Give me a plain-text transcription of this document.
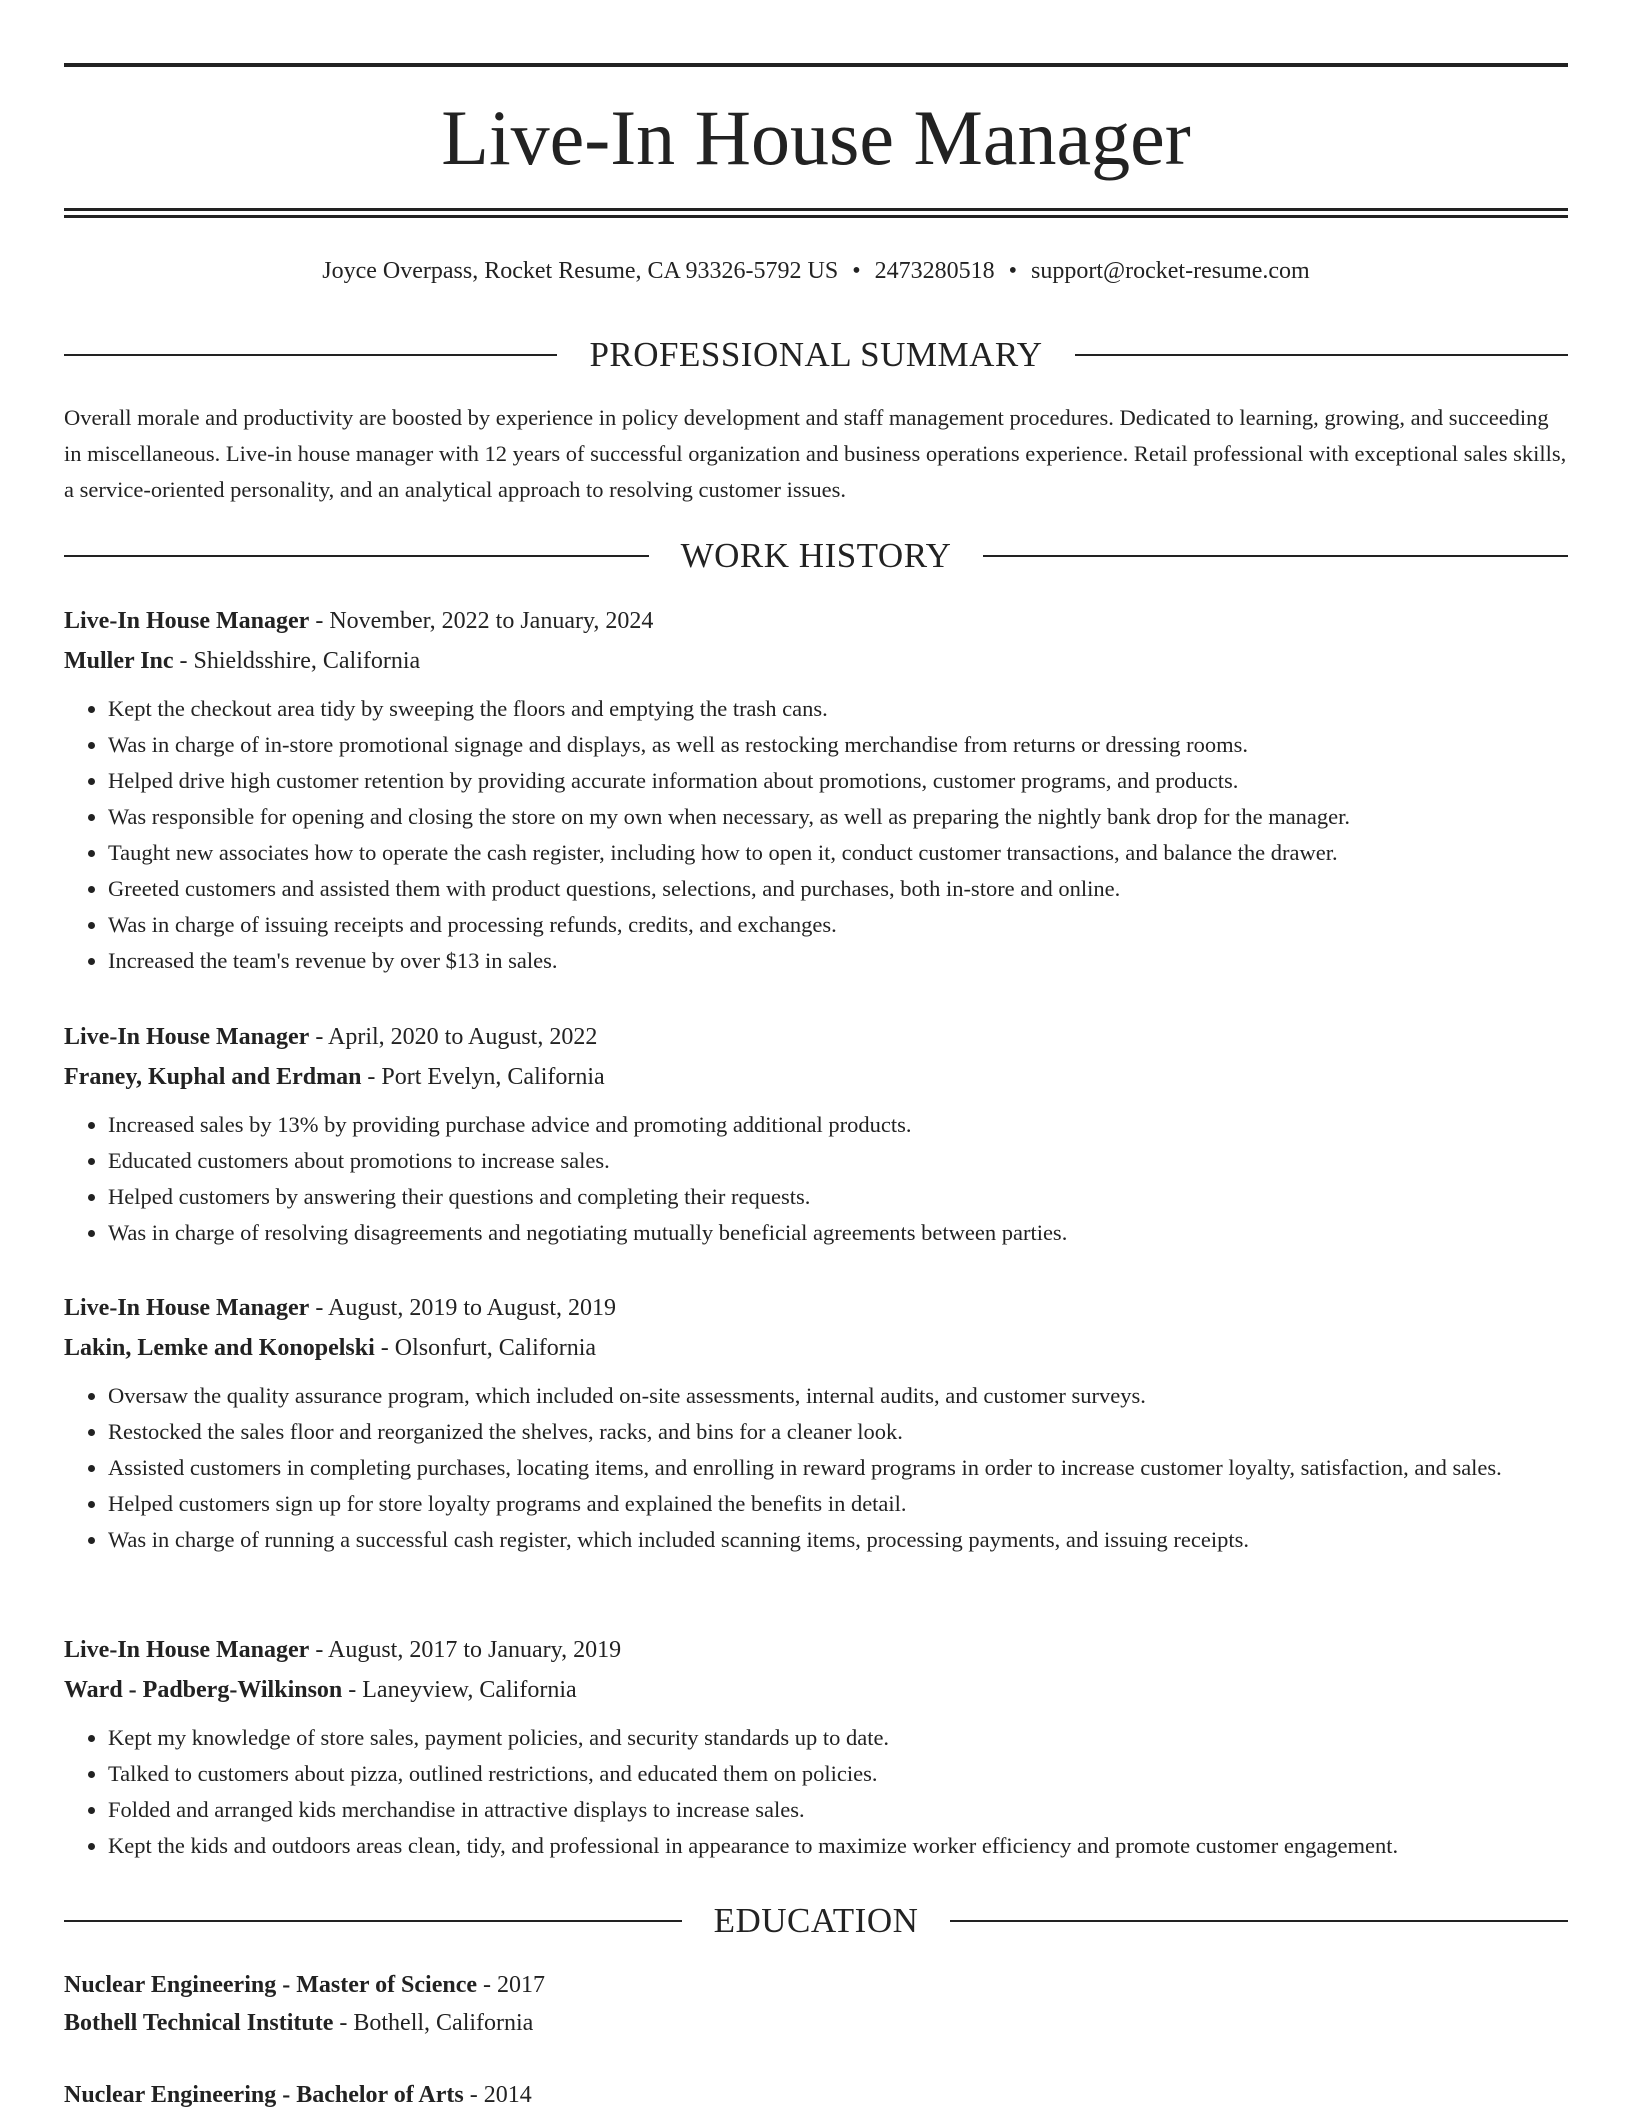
Live-In House Manager
Joyce Overpass, Rocket Resume, CA 93326-5792 US • 2473280518 • support@rocket-resume.com
PROFESSIONAL SUMMARY

Overall morale and productivity are boosted by experience in policy development and staff management procedures. Dedicated to learning, growing, and succeeding in miscellaneous. Live-in house manager with 12 years of successful organization and business operations experience. Retail professional with exceptional sales skills, a service-oriented personality, and an analytical approach to resolving customer issues.

WORK HISTORY
Live-In House Manager - November, 2022 to January, 2024
Muller Inc - Shieldsshire, California
• Kept the checkout area tidy by sweeping the floors and emptying the trash cans.
• Was in charge of in-store promotional signage and displays, as well as restocking merchandise from returns or dressing rooms.
• Helped drive high customer retention by providing accurate information about promotions, customer programs, and products.
• Was responsible for opening and closing the store on my own when necessary, as well as preparing the nightly bank drop for the manager.
• Taught new associates how to operate the cash register, including how to open it, conduct customer transactions, and balance the drawer.
• Greeted customers and assisted them with product questions, selections, and purchases, both in-store and online.
• Was in charge of issuing receipts and processing refunds, credits, and exchanges.
• Increased the team's revenue by over $13 in sales.
Live-In House Manager - April, 2020 to August, 2022
Franey, Kuphal and Erdman - Port Evelyn, California
• Increased sales by 13% by providing purchase advice and promoting additional products.
• Educated customers about promotions to increase sales.
• Helped customers by answering their questions and completing their requests.
• Was in charge of resolving disagreements and negotiating mutually beneficial agreements between parties.
Live-In House Manager - August, 2019 to August, 2019
Lakin, Lemke and Konopelski - Olsonfurt, California
• Oversaw the quality assurance program, which included on-site assessments, internal audits, and customer surveys.
• Restocked the sales floor and reorganized the shelves, racks, and bins for a cleaner look.
• Assisted customers in completing purchases, locating items, and enrolling in reward programs in order to increase customer loyalty, satisfaction, and sales.
• Helped customers sign up for store loyalty programs and explained the benefits in detail.
• Was in charge of running a successful cash register, which included scanning items, processing payments, and issuing receipts.
Live-In House Manager - August, 2017 to January, 2019
Ward - Padberg-Wilkinson - Laneyview, California
• Kept my knowledge of store sales, payment policies, and security standards up to date.
• Talked to customers about pizza, outlined restrictions, and educated them on policies.
• Folded and arranged kids merchandise in attractive displays to increase sales.
• Kept the kids and outdoors areas clean, tidy, and professional in appearance to maximize worker efficiency and promote customer engagement.
EDUCATION
Nuclear Engineering - Master of Science - 2017
Bothell Technical Institute - Bothell, California
Nuclear Engineering - Bachelor of Arts - 2014
